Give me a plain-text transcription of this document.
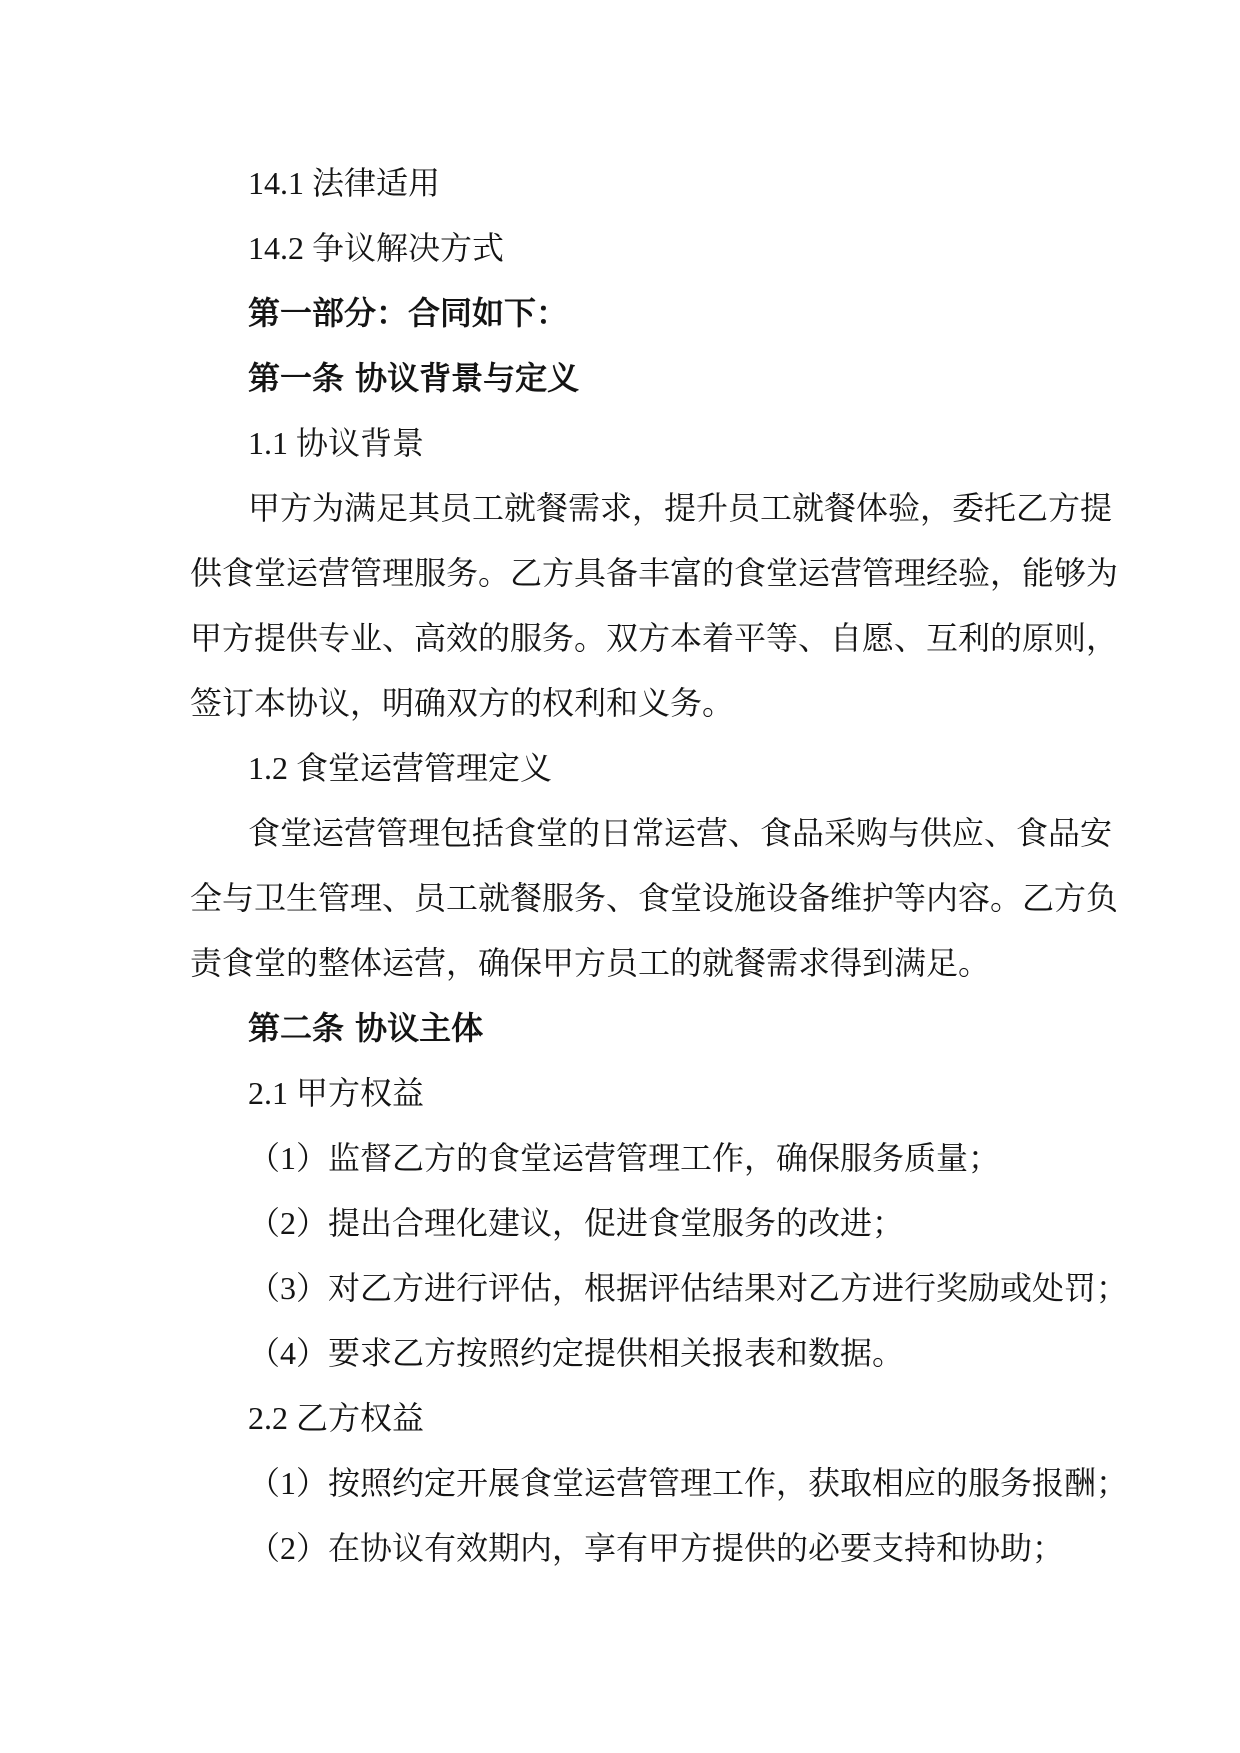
14.1 法律适用
14.2 争议解决方式
第一部分：合同如下：
第一条 协议背景与定义
1.1 协议背景
甲方为满足其员工就餐需求，提升员工就餐体验，委托乙方提
供食堂运营管理服务。乙方具备丰富的食堂运营管理经验，能够为
甲方提供专业、高效的服务。双方本着平等、自愿、互利的原则，
签订本协议，明确双方的权利和义务。
1.2 食堂运营管理定义
食堂运营管理包括食堂的日常运营、食品采购与供应、食品安
全与卫生管理、员工就餐服务、食堂设施设备维护等内容。乙方负
责食堂的整体运营，确保甲方员工的就餐需求得到满足。
第二条 协议主体
2.1 甲方权益
（1）监督乙方的食堂运营管理工作，确保服务质量；
（2）提出合理化建议，促进食堂服务的改进；
（3）对乙方进行评估，根据评估结果对乙方进行奖励或处罚；
（4）要求乙方按照约定提供相关报表和数据。
2.2 乙方权益
（1）按照约定开展食堂运营管理工作，获取相应的服务报酬；
（2）在协议有效期内，享有甲方提供的必要支持和协助；
